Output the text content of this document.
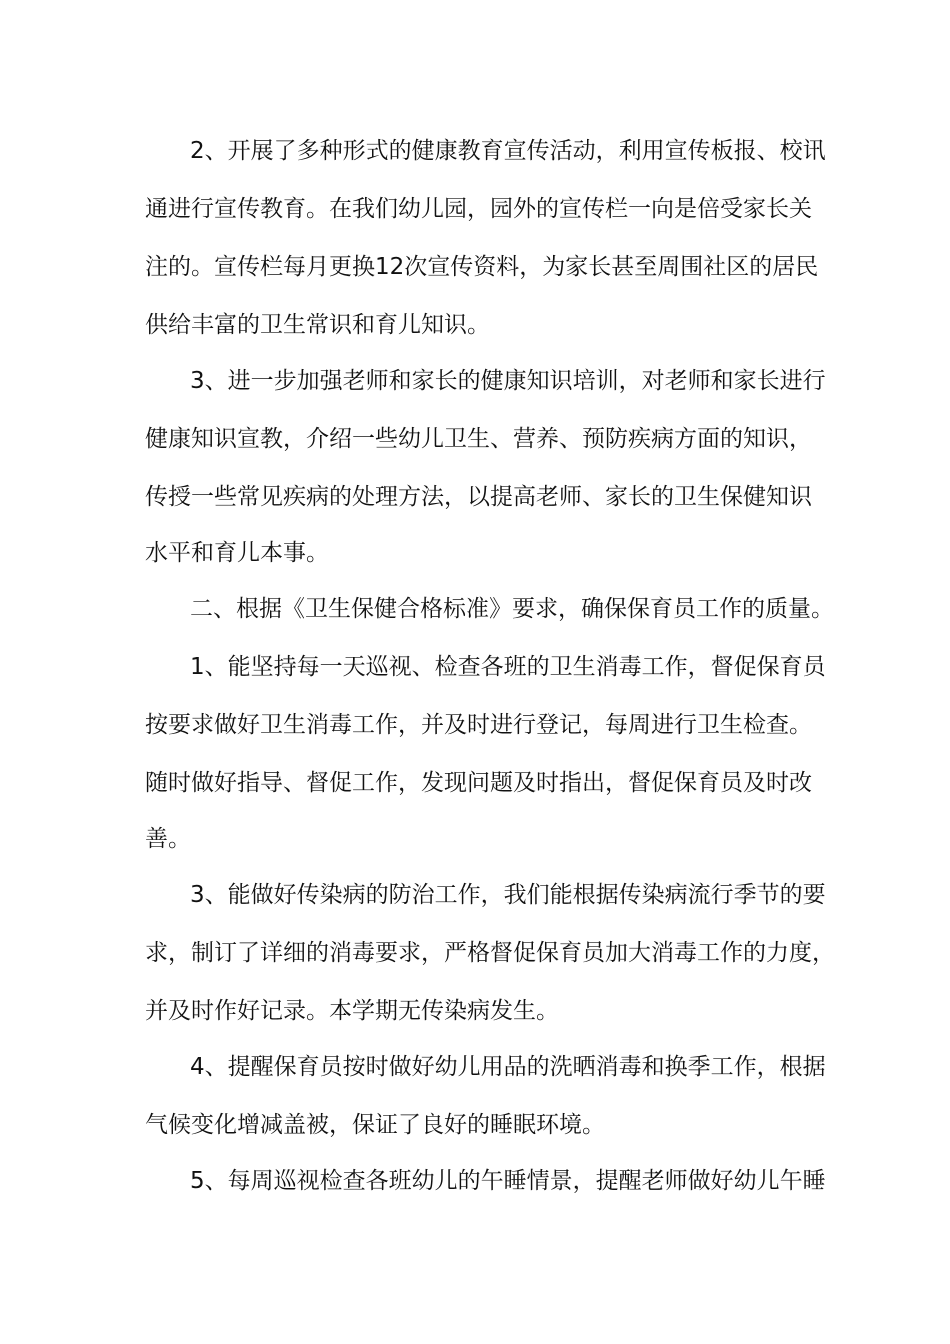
2、开展了多种形式的健康教育宣传活动，利用宣传板报、校讯
通进行宣传教育。在我们幼儿园，园外的宣传栏一向是倍受家长关
注的。宣传栏每月更换12次宣传资料，为家长甚至周围社区的居民
供给丰富的卫生常识和育儿知识。
3、进一步加强老师和家长的健康知识培训，对老师和家长进行
健康知识宣教，介绍一些幼儿卫生、营养、预防疾病方面的知识，
传授一些常见疾病的处理方法，以提高老师、家长的卫生保健知识
水平和育儿本事。
二、根据《卫生保健合格标准》要求，确保保育员工作的质量。
1、能坚持每一天巡视、检查各班的卫生消毒工作，督促保育员
按要求做好卫生消毒工作，并及时进行登记，每周进行卫生检查。
随时做好指导、督促工作，发现问题及时指出，督促保育员及时改
善。
3、能做好传染病的防治工作，我们能根据传染病流行季节的要
求，制订了详细的消毒要求，严格督促保育员加大消毒工作的力度，
并及时作好记录。本学期无传染病发生。
4、提醒保育员按时做好幼儿用品的洗晒消毒和换季工作，根据
气候变化增减盖被，保证了良好的睡眠环境。
5、每周巡视检查各班幼儿的午睡情景，提醒老师做好幼儿午睡
